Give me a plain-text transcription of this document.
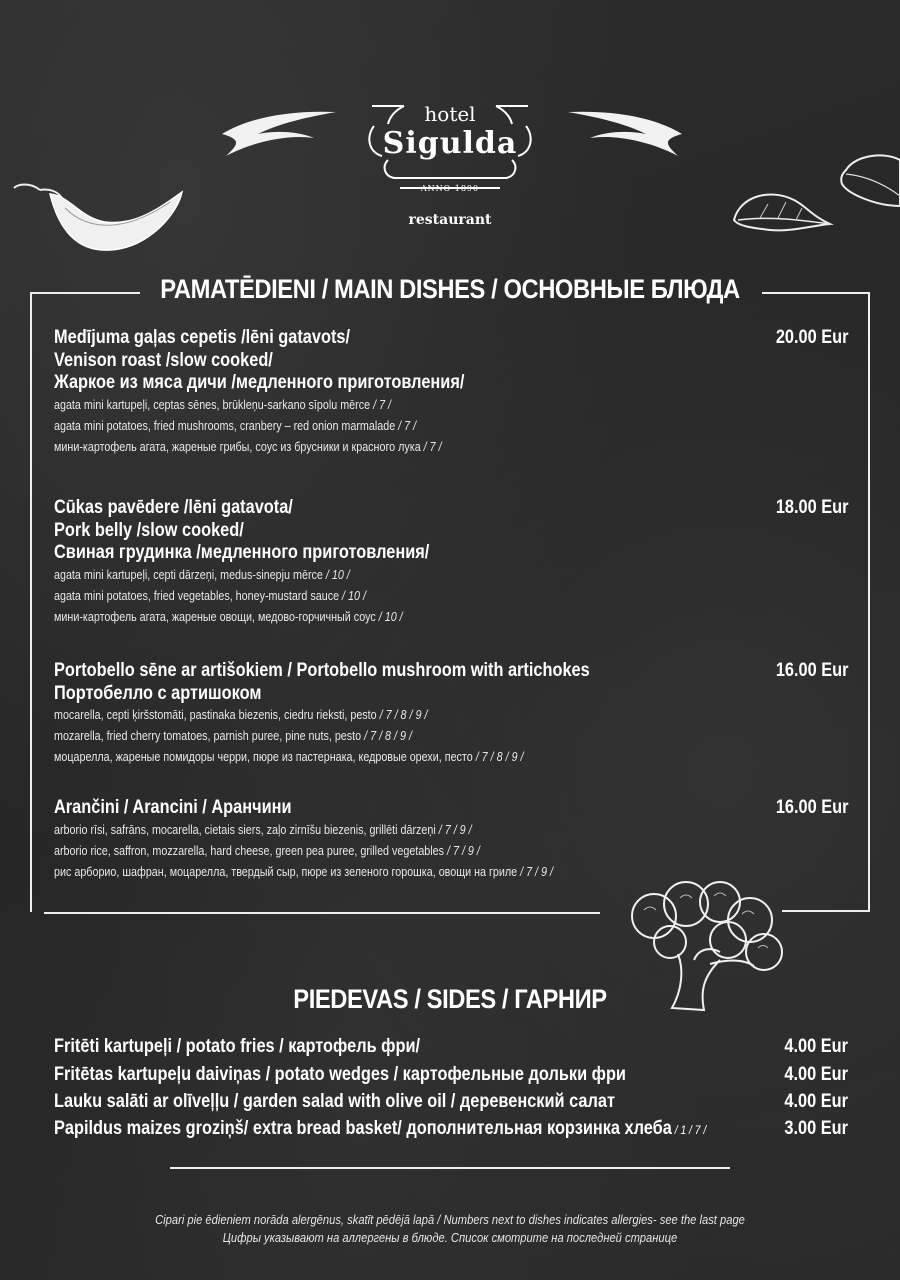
hotel
Sigulda
ANNO 1890
restaurant
PAMATĒDIENI / MAIN DISHES / ОСНОВНЫЕ БЛЮДА
Medījuma gaļas cepetis /lēni gatavots/
Venison roast /slow cooked/
Жаркое из мяса дичи /медленного приготовления/
agata mini kartupeļi, ceptas sēnes, brūkleņu-sarkano sīpolu mērce / 7 /
agata mini potatoes, fried mushrooms, cranbery – red onion marmalade / 7 /
мини-картофель агата, жареные грибы, соус из брусники и красного лука / 7 /
20.00 Eur
Cūkas pavēdere /lēni gatavota/
Pork belly /slow cooked/
Свиная грудинка /медленного приготовления/
agata mini kartupeļi, cepti dārzeņi, medus-sinepju mērce / 10 /
agata mini potatoes, fried vegetables, honey-mustard sauce / 10 /
мини-картофель агата, жареные овощи, медово-горчичный соус / 10 /
18.00 Eur
Portobello sēne ar artišokiem / Portobello mushroom with artichokes
Портобелло с артишоком
mocarella, cepti ķiršstomāti, pastinaka biezenis, ciedru rieksti, pesto / 7 / 8 / 9 /
mozarella, fried cherry tomatoes, parnish puree, pine nuts, pesto / 7 / 8 / 9 /
моцарелла, жареные помидоры черри, пюре из пастернака, кедровые орехи, песто / 7 / 8 / 9 /
16.00 Eur
Arančini / Arancini / Аранчини
arborio rīsi, safrāns, mocarella, cietais siers, zaļo zirnīšu biezenis, grillēti dārzeņi / 7 / 9 /
arborio rice, saffron, mozzarella, hard cheese, green pea puree, grilled vegetables / 7 / 9 /
рис арборио, шафран, моцарелла, твердый сыр, пюре из зеленого горошка, овощи на гриле / 7 / 9 /
16.00 Eur
PIEDEVAS / SIDES / ГАРНИР
Fritēti kartupeļi / potato fries / картофель фри/	4.00 Eur
Fritētas kartupeļu daiviņas / potato wedges / картофельные дольки фри	4.00 Eur
Lauku salāti ar olīveļļu / garden salad with olive oil / деревенский салат	4.00 Eur
Papildus maizes groziņš/ extra bread basket/ дополнительная корзинка хлеба / 1 / 7 /	3.00 Eur
Cipari pie ēdieniem norāda alergēnus, skatīt pēdējā lapā / Numbers next to dishes indicates allergies- see the last page
Цифры указывают на аллергены в блюде. Список смотрите на последней странице
